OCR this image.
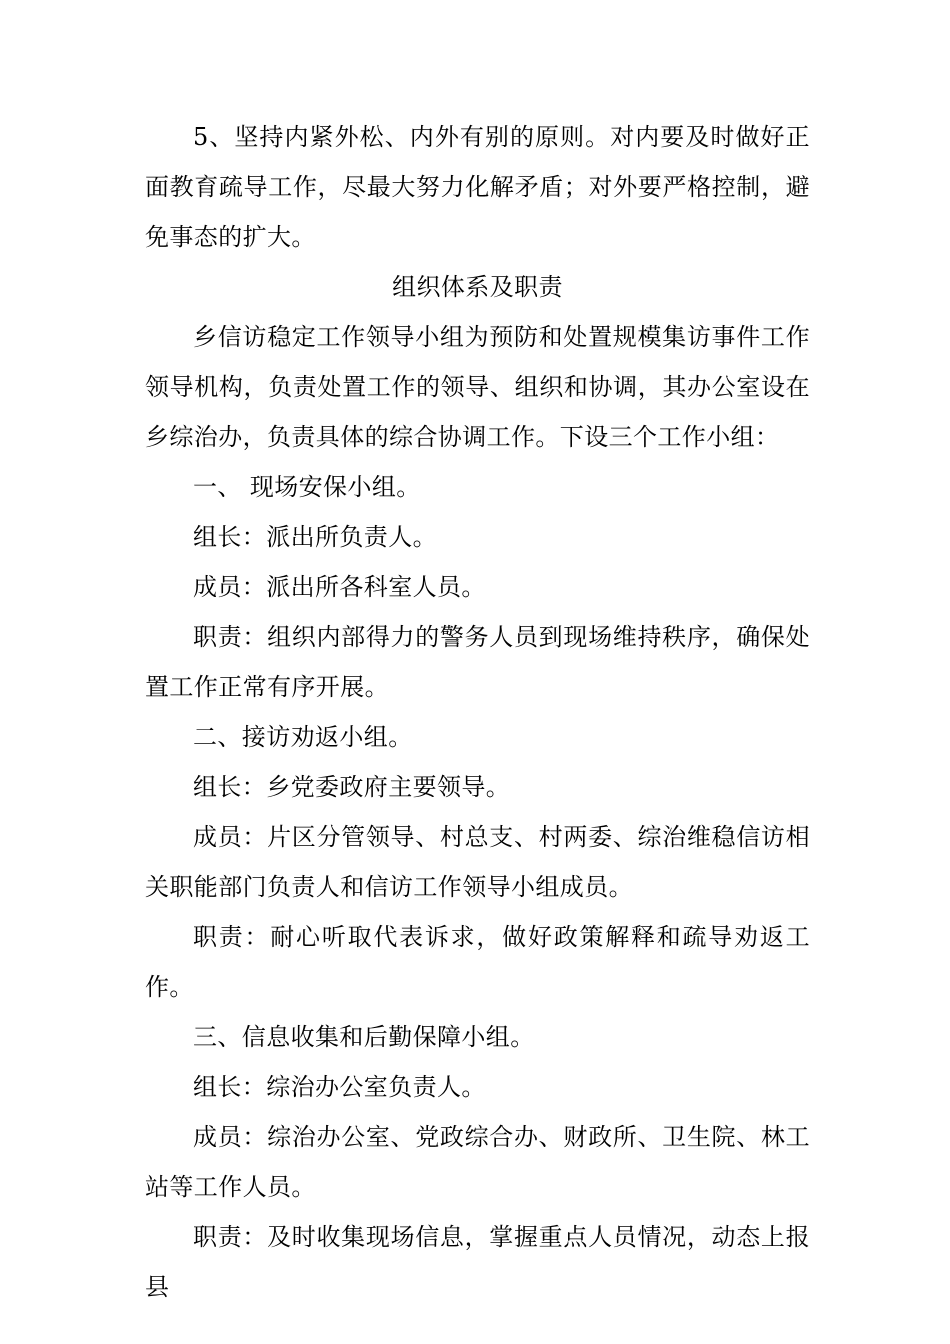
5、坚持内紧外松、内外有别的原则。对内要及时做好正面教育疏导工作，尽最大努力化解矛盾；对外要严格控制，避免事态的扩大。

组织体系及职责

乡信访稳定工作领导小组为预防和处置规模集访事件工作领导机构，负责处置工作的领导、组织和协调，其办公室设在乡综治办，负责具体的综合协调工作。下设三个工作小组：

一、 现场安保小组。

组长：派出所负责人。

成员：派出所各科室人员。

职责：组织内部得力的警务人员到现场维持秩序，确保处置工作正常有序开展。

二、接访劝返小组。

组长：乡党委政府主要领导。

成员：片区分管领导、村总支、村两委、综治维稳信访相关职能部门负责人和信访工作领导小组成员。

职责：耐心听取代表诉求，做好政策解释和疏导劝返工作。

三、信息收集和后勤保障小组。

组长：综治办公室负责人。

成员：综治办公室、党政综合办、财政所、卫生院、林工站等工作人员。

职责：及时收集现场信息，掌握重点人员情况，动态上报县
